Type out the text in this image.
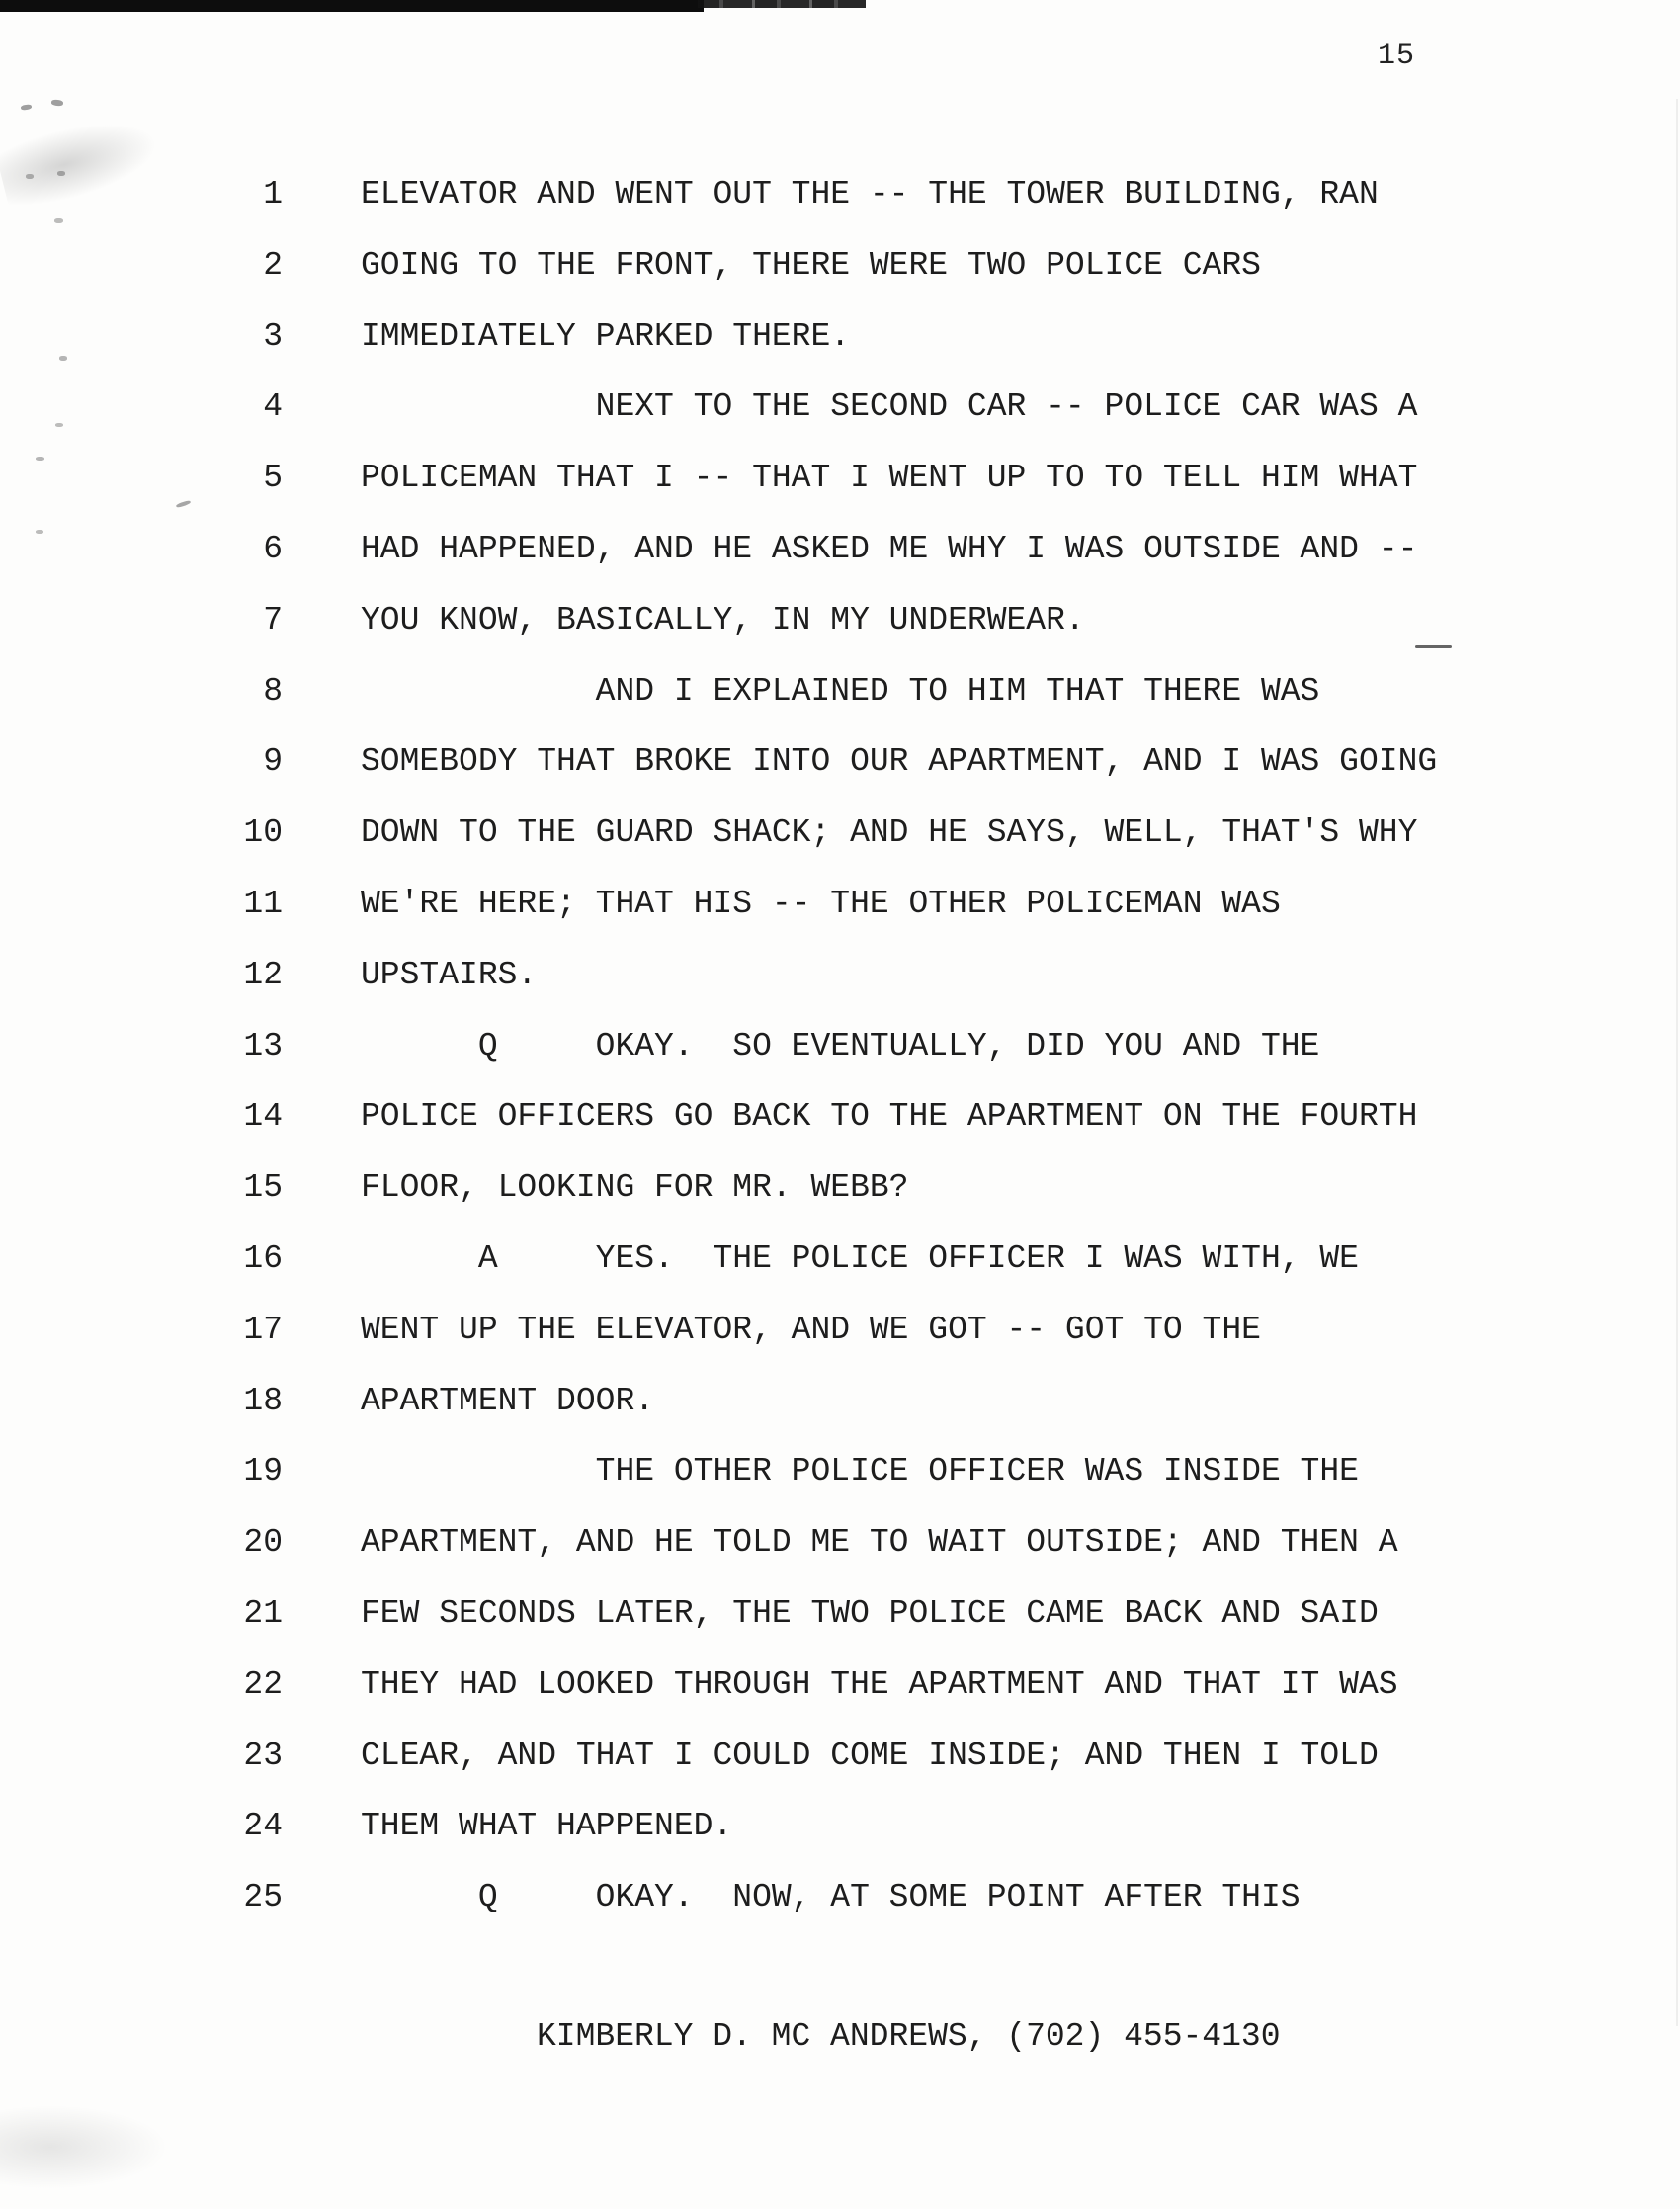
15
1 ELEVATOR AND WENT OUT THE -- THE TOWER BUILDING, RAN
2 GOING TO THE FRONT, THERE WERE TWO POLICE CARS
3 IMMEDIATELY PARKED THERE.
4 NEXT TO THE SECOND CAR -- POLICE CAR WAS A
5 POLICEMAN THAT I -- THAT I WENT UP TO TO TELL HIM WHAT
6 HAD HAPPENED, AND HE ASKED ME WHY I WAS OUTSIDE AND --
7 YOU KNOW, BASICALLY, IN MY UNDERWEAR.
8 AND I EXPLAINED TO HIM THAT THERE WAS
9 SOMEBODY THAT BROKE INTO OUR APARTMENT, AND I WAS GOING
10 DOWN TO THE GUARD SHACK; AND HE SAYS, WELL, THAT'S WHY
11 WE'RE HERE; THAT HIS -- THE OTHER POLICEMAN WAS
12 UPSTAIRS.
13 Q     OKAY.  SO EVENTUALLY, DID YOU AND THE
14 POLICE OFFICERS GO BACK TO THE APARTMENT ON THE FOURTH
15 FLOOR, LOOKING FOR MR. WEBB?
16 A     YES.  THE POLICE OFFICER I WAS WITH, WE
17 WENT UP THE ELEVATOR, AND WE GOT -- GOT TO THE
18 APARTMENT DOOR.
19 THE OTHER POLICE OFFICER WAS INSIDE THE
20 APARTMENT, AND HE TOLD ME TO WAIT OUTSIDE; AND THEN A
21 FEW SECONDS LATER, THE TWO POLICE CAME BACK AND SAID
22 THEY HAD LOOKED THROUGH THE APARTMENT AND THAT IT WAS
23 CLEAR, AND THAT I COULD COME INSIDE; AND THEN I TOLD
24 THEM WHAT HAPPENED.
25 Q     OKAY.  NOW, AT SOME POINT AFTER THIS
KIMBERLY D. MC ANDREWS, (702) 455-4130
